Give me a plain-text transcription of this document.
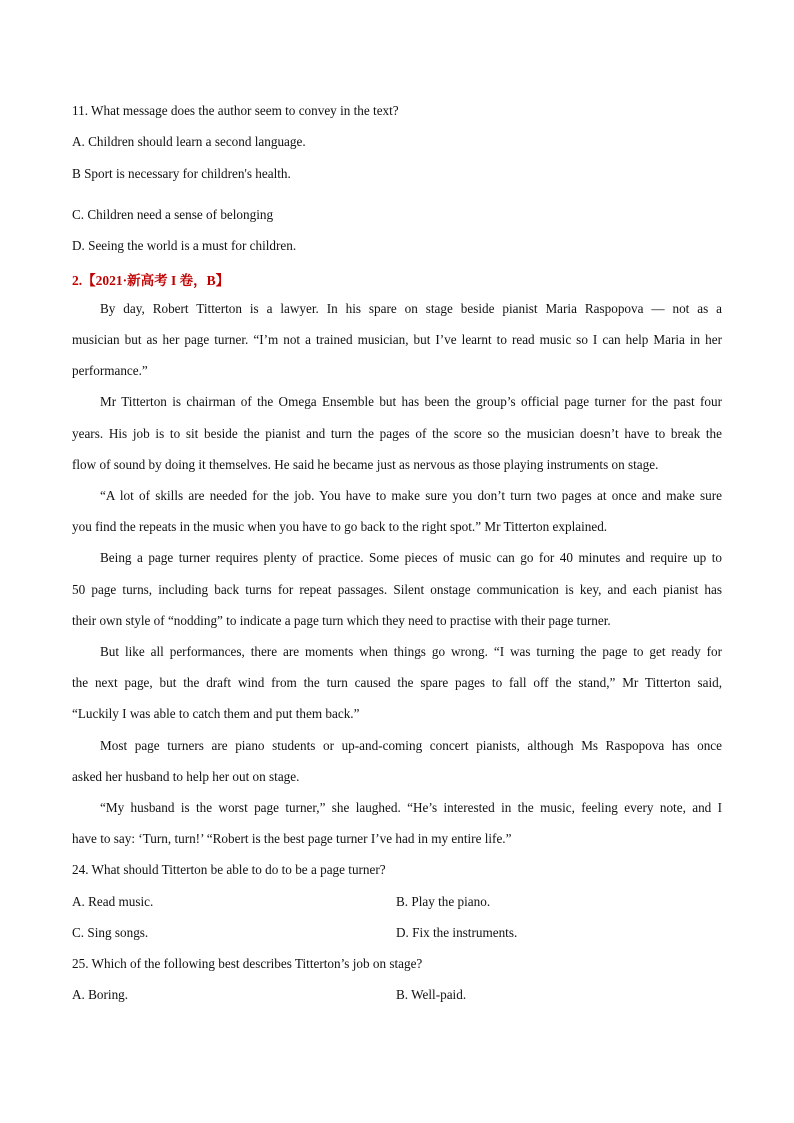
11. What message does the author seem to convey in the text?
A. Children should learn a second language.
B Sport is necessary for children's health.
C. Children need a sense of belonging
D. Seeing the world is a must for children.
2.【2021·新高考 I 卷，B】
By day, Robert Titterton is a lawyer. In his spare on stage beside pianist Maria Raspopova — not as a
musician but as her page turner. “I’m not a trained musician, but I’ve learnt to read music so I can help Maria in her
performance.”
Mr Titterton is chairman of the Omega Ensemble but has been the group’s official page turner for the past four
years. His job is to sit beside the pianist and turn the pages of the score so the musician doesn’t have to break the
flow of sound by doing it themselves. He said he became just as nervous as those playing instruments on stage.
“A lot of skills are needed for the job. You have to make sure you don’t turn two pages at once and make sure
you find the repeats in the music when you have to go back to the right spot.” Mr Titterton explained.
Being a page turner requires plenty of practice. Some pieces of music can go for 40 minutes and require up to
50 page turns, including back turns for repeat passages. Silent onstage communication is key, and each pianist has
their own style of “nodding” to indicate a page turn which they need to practise with their page turner.
But like all performances, there are moments when things go wrong. “I was turning the page to get ready for
the next page, but the draft wind from the turn caused the spare pages to fall off the stand,” Mr Titterton said,
“Luckily I was able to catch them and put them back.”
Most page turners are piano students or up-and-coming concert pianists, although Ms Raspopova has once
asked her husband to help her out on stage.
“My husband is the worst page turner,” she laughed. “He’s interested in the music, feeling every note, and I
have to say: ‘Turn, turn!’ “Robert is the best page turner I’ve had in my entire life.”
24. What should Titterton be able to do to be a page turner?
A. Read music.	B. Play the piano.
C. Sing songs.	D. Fix the instruments.
25. Which of the following best describes Titterton’s job on stage?
A. Boring.	B. Well-paid.
